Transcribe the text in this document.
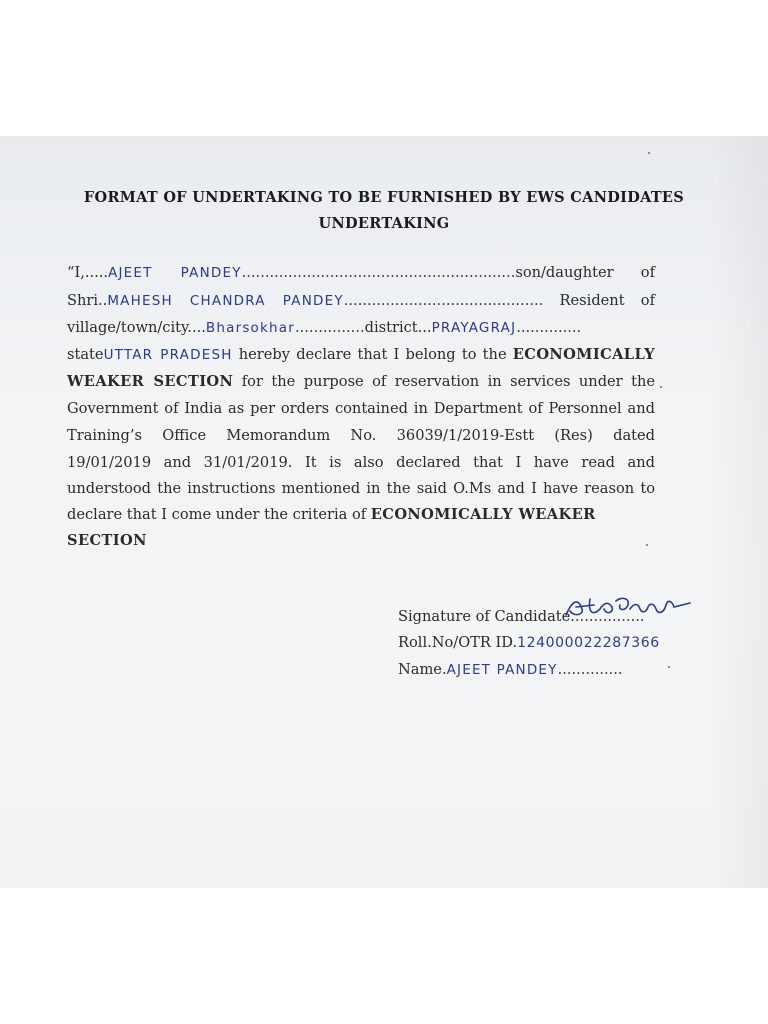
FORMAT OF UNDERTAKING TO BE FURNISHED BY EWS CANDIDATES
UNDERTAKING
“I,.....AJEET PANDEY...........................................................son/daughter of
Shri..MAHESH CHANDRA PANDEY........................................... Resident of
village/town/city....Bharsokhar...............district...PRAYAGRAJ..............
stateUTTAR PRADESH hereby declare that I belong to the ECONOMICALLY
WEAKER SECTION for the purpose of reservation in services under the
Government of India as per orders contained in Department of Personnel and
Training’s Office Memorandum No. 36039/1/2019-Estt (Res) dated
19/01/2019 and 31/01/2019. It is also declared that I have read and
understood the instructions mentioned in the said O.Ms and I have reason to
declare that I come under the criteria of ECONOMICALLY WEAKER
SECTION
Signature of Candidate................
Roll.No/OTR ID.124000022287366
Name.AJEET PANDEY..............
